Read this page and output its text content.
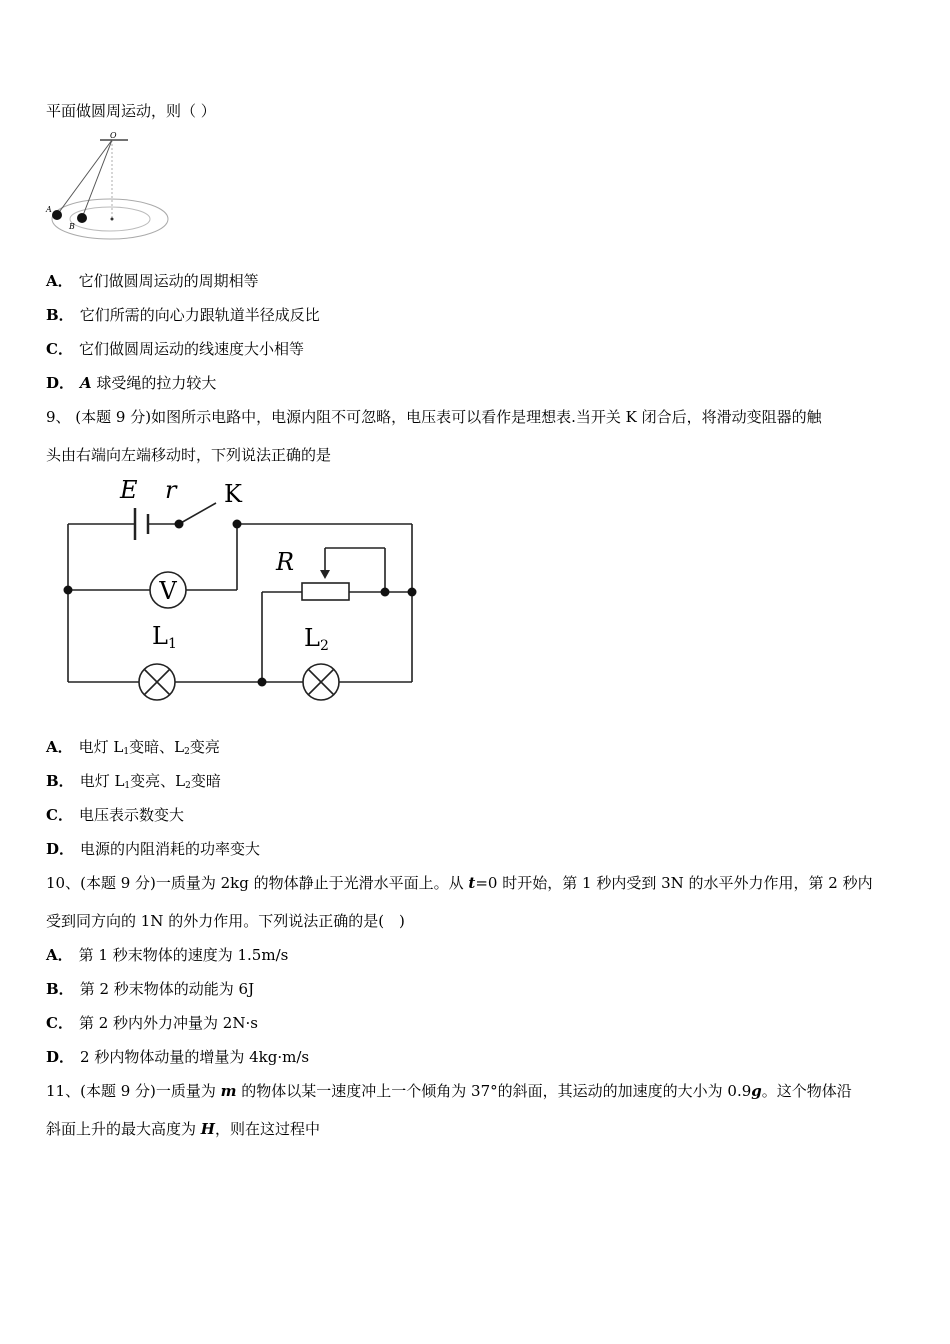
平面做圆周运动，则（ ）
O
A
B
A． 它们做圆周运动的周期相等
B． 它们所需的向心力跟轨道半径成反比
C． 它们做圆周运动的线速度大小相等
D． A 球受绳的拉力较大
9、 (本题 9 分)如图所示电路中，电源内阻不可忽略，电压表可以看作是理想表.当开关 K 闭合后，将滑动变阻器的触
头由右端向左端移动时，下列说法正确的是
V
E r K
R
L1	L2
A． 电灯 $L_1$变暗、$L_2$变亮
B． 电灯 $L_1$变亮、$L_2$变暗
C． 电压表示数变大
D． 电源的内阻消耗的功率变大
10、(本题 9 分)一质量为 2kg 的物体静止于光滑水平面上。从 t=0 时开始，第 1 秒内受到 3N 的水平外力作用，第 2 秒内
受到同方向的 1N 的外力作用。下列说法正确的是(　)
A． 第 1 秒末物体的速度为 1.5m/s
B． 第 2 秒末物体的动能为 6J
C． 第 2 秒内外力冲量为 2N·s
D． 2 秒内物体动量的增量为 4kg·m/s
11、(本题 9 分)一质量为 m 的物体以某一速度冲上一个倾角为 37°的斜面，其运动的加速度的大小为 0.9g。这个物体沿
斜面上升的最大高度为 H，则在这过程中
